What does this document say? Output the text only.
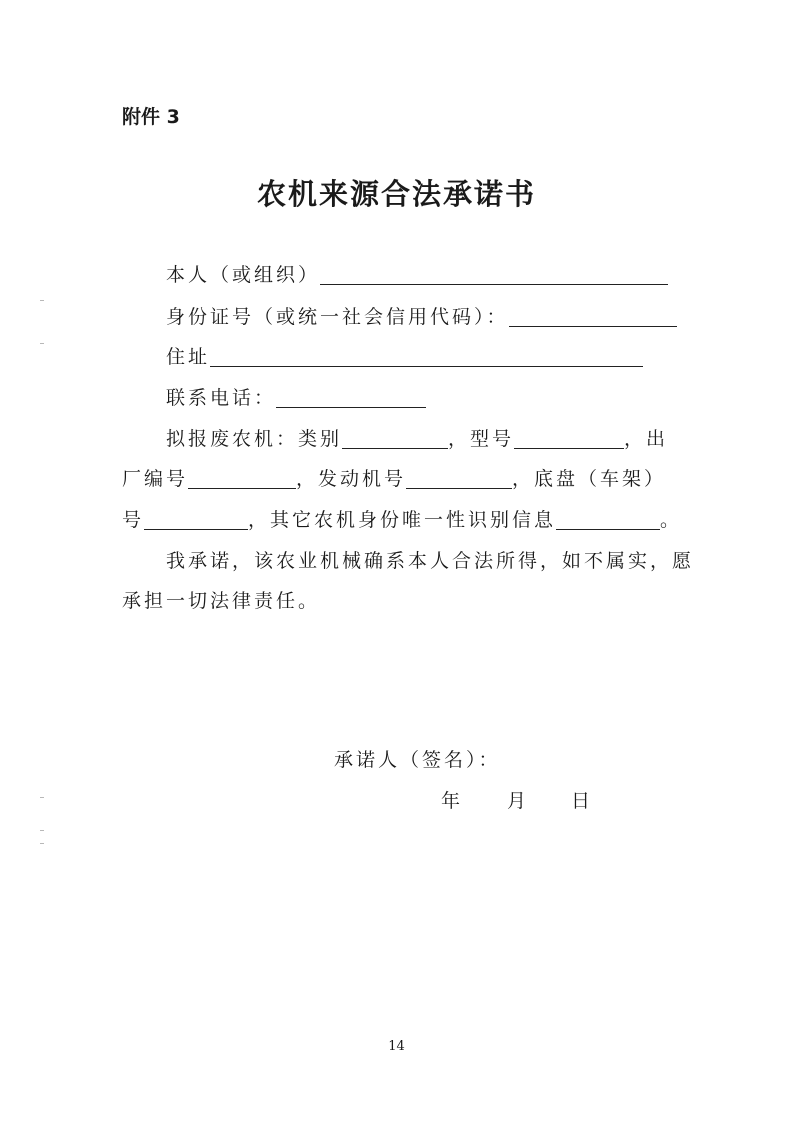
附件 3
农机来源合法承诺书
本人（或组织）
身份证号（或统一社会信用代码）：
住址
联系电话：
拟报废农机：类别	，型号	，出
厂编号	，发动机号	，底盘（车架）
号	，其它农机身份唯一性识别信息	。
我承诺，该农业机械确系本人合法所得，如不属实，愿
承担一切法律责任。
承诺人（签名）：
年 月 日
14
